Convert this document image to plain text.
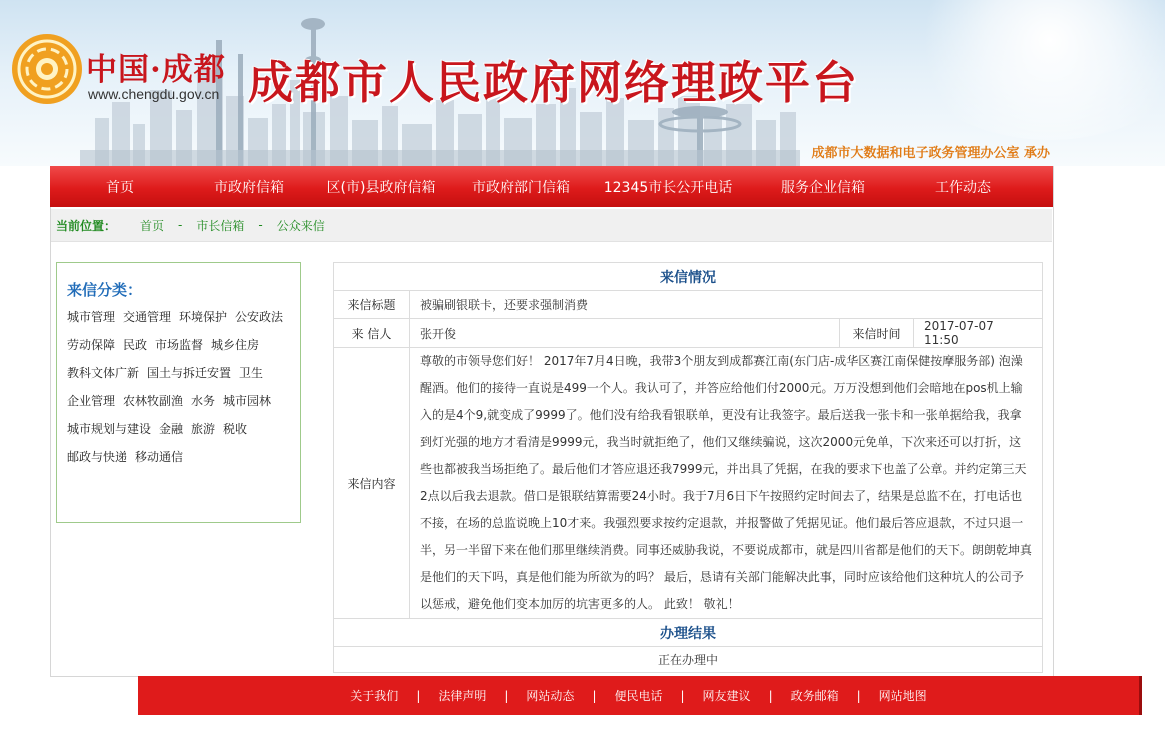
中国·成都
www.chengdu.gov.cn 成都市人民政府网络理政平台
成都市大数据和电子政务管理办公室 承办
首页	市政府信箱	区(市)县政府信箱	市政府部门信箱	12345市长公开电话	服务企业信箱	工作动态
当前位置： 首页 - 市长信箱 - 公众来信
来信分类：
城市管理 交通管理 环境保护 公安政法
劳动保障 民政 市场监督 城乡住房
教科文体广新 国土与拆迁安置 卫生
企业管理 农林牧副渔 水务 城市园林
城市规划与建设 金融 旅游 税收
邮政与快递 移动通信
来信情况			
来信标题	被骗刷银联卡，还要求强制消费		
来 信人	张开俊	来信时间	2017-07-07 11:50
来信内容	尊敬的市领导您们好！ 2017年7月4日晚，我带3个朋友到成都赛江南(东门店-成华区赛江南保健按摩服务部) 泡澡醒酒。他们的接待一直说是499一个人。我认可了，并答应给他们付2000元。万万没想到他们会暗地在pos机上输入的是4个9,就变成了9999了。他们没有给我看银联单，更没有让我签字。最后送我一张卡和一张单据给我，我拿到灯光强的地方才看清是9999元，我当时就拒绝了，他们又继续骗说，这次2000元免单，下次来还可以打折，这些也都被我当场拒绝了。最后他们才答应退还我7999元，并出具了凭据，在我的要求下也盖了公章。并约定第三天2点以后我去退款。借口是银联结算需要24小时。我于7月6日下午按照约定时间去了，结果是总监不在，打电话也不接，在场的总监说晚上10才来。我强烈要求按约定退款，并报警做了凭据见证。他们最后答应退款，不过只退一半，另一半留下来在他们那里继续消费。同事还威胁我说，不要说成都市，就是四川省都是他们的天下。朗朗乾坤真是他们的天下吗，真是他们能为所欲为的吗？ 最后，恳请有关部门能解决此事，同时应该给他们这种坑人的公司予以惩戒，避免他们变本加厉的坑害更多的人。 此致！ 敬礼！		
办理结果			
正在办理中			
关于我们 | 法律声明 | 网站动态 | 便民电话 | 网友建议 | 政务邮箱 | 网站地图
